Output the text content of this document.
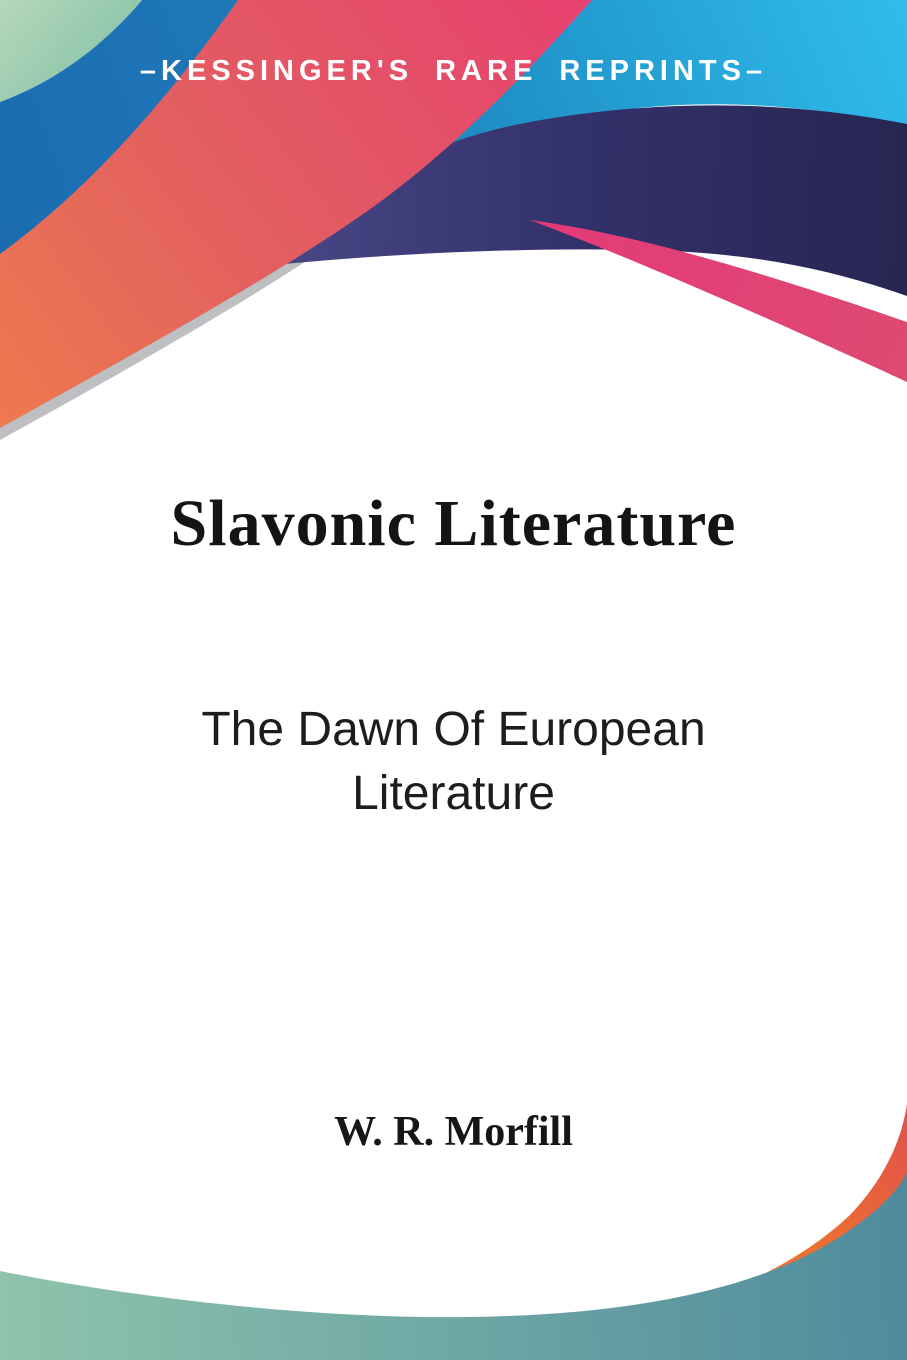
–KESSINGER'S RARE REPRINTS–
Slavonic Literature
The Dawn Of European
Literature
W. R. Morfill
